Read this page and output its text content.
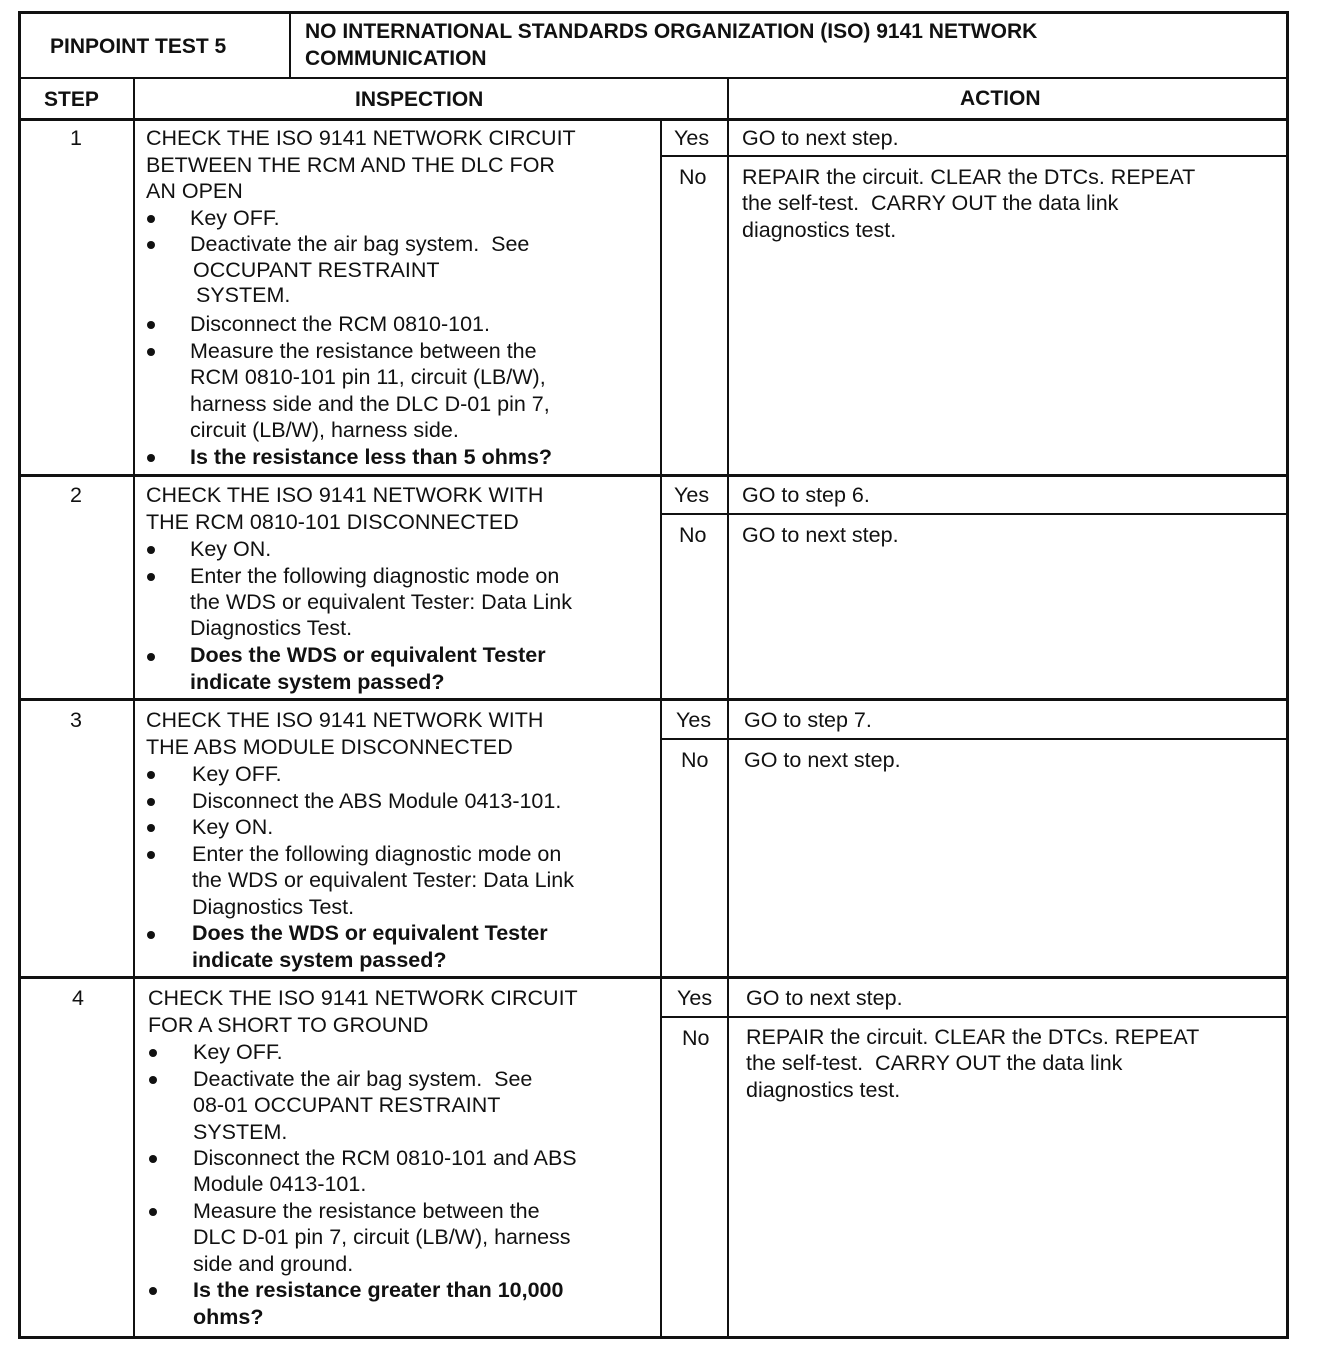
PINPOINT TEST 5
NO INTERNATIONAL STANDARDS ORGANIZATION (ISO) 9141 NETWORK
COMMUNICATION
STEP	INSPECTION	ACTION
1	CHECK THE ISO 9141 NETWORK CIRCUIT
BETWEEN THE RCM AND THE DLC FOR
AN OPEN
Key OFF.
Deactivate the air bag system.  See
OCCUPANT RESTRAINT
SYSTEM.
Disconnect the RCM 0810-101.
Measure the resistance between the
RCM 0810-101 pin 11, circuit (LB/W),
harness side and the DLC D-01 pin 7,
circuit (LB/W), harness side.
Is the resistance less than 5 ohms?
Yes GO to next step.
No REPAIR the circuit. CLEAR the DTCs. REPEAT
the self-test.  CARRY OUT the data link
diagnostics test.
2	CHECK THE ISO 9141 NETWORK WITH
THE RCM 0810-101 DISCONNECTED
Key ON.
Enter the following diagnostic mode on
the WDS or equivalent Tester: Data Link
Diagnostics Test.
Does the WDS or equivalent Tester
indicate system passed?
Yes GO to step 6.
No GO to next step.
3	CHECK THE ISO 9141 NETWORK WITH
THE ABS MODULE DISCONNECTED
Key OFF.
Disconnect the ABS Module 0413-101.
Key ON.
Enter the following diagnostic mode on
the WDS or equivalent Tester: Data Link
Diagnostics Test.
Does the WDS or equivalent Tester
indicate system passed?
Yes GO to step 7.
No GO to next step.
4	CHECK THE ISO 9141 NETWORK CIRCUIT
FOR A SHORT TO GROUND
Key OFF.
Deactivate the air bag system.  See
08-01 OCCUPANT RESTRAINT
SYSTEM.
Disconnect the RCM 0810-101 and ABS
Module 0413-101.
Measure the resistance between the
DLC D-01 pin 7, circuit (LB/W), harness
side and ground.
Is the resistance greater than 10,000
ohms?
Yes GO to next step.
No REPAIR the circuit. CLEAR the DTCs. REPEAT
the self-test.  CARRY OUT the data link
diagnostics test.
